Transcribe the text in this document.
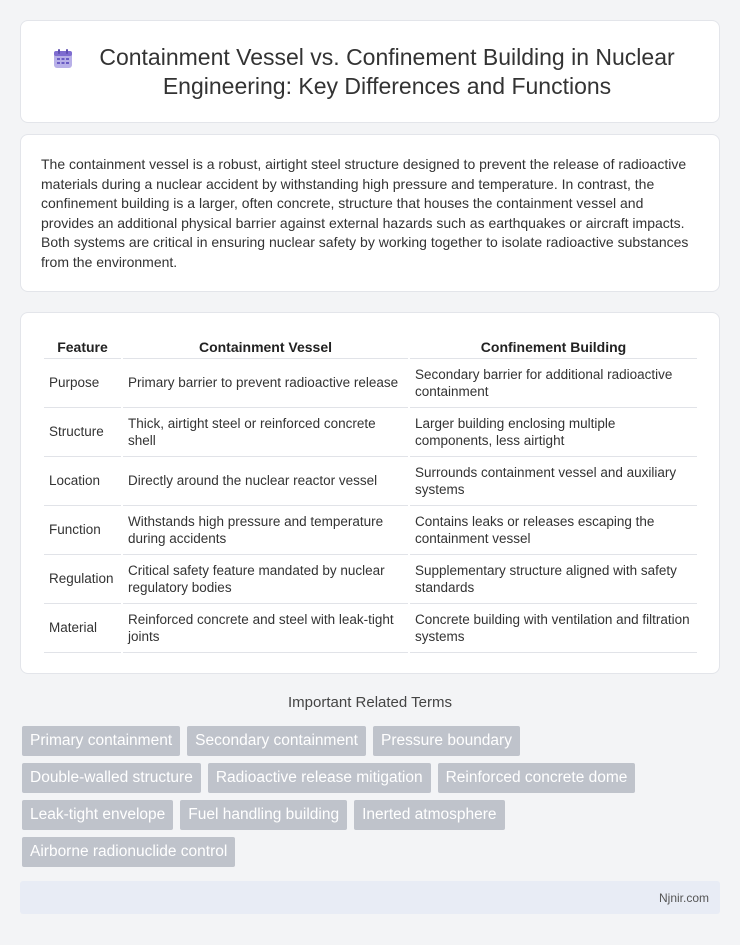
Containment Vessel vs. Confinement Building in Nuclear Engineering: Key Differences and Functions

The containment vessel is a robust, airtight steel structure designed to prevent the release of radioactive materials during a nuclear accident by withstanding high pressure and temperature. In contrast, the confinement building is a larger, often concrete, structure that houses the containment vessel and provides an additional physical barrier against external hazards such as earthquakes or aircraft impacts. Both systems are critical in ensuring nuclear safety by working together to isolate radioactive substances from the environment.

Feature	Containment Vessel	Confinement Building
Purpose	Primary barrier to prevent radioactive release	Secondary barrier for additional radioactive containment
Structure	Thick, airtight steel or reinforced concrete shell	Larger building enclosing multiple components, less airtight
Location	Directly around the nuclear reactor vessel	Surrounds containment vessel and auxiliary systems
Function	Withstands high pressure and temperature during accidents	Contains leaks or releases escaping the containment vessel
Regulation	Critical safety feature mandated by nuclear regulatory bodies	Supplementary structure aligned with safety standards
Material	Reinforced concrete and steel with leak-tight joints	Concrete building with ventilation and filtration systems
Important Related Terms
Primary containment	Secondary containment	Pressure boundary
Double-walled structure	Radioactive release mitigation	Reinforced concrete dome
Leak-tight envelope	Fuel handling building	Inerted atmosphere
Airborne radionuclide control
Njnir.com
